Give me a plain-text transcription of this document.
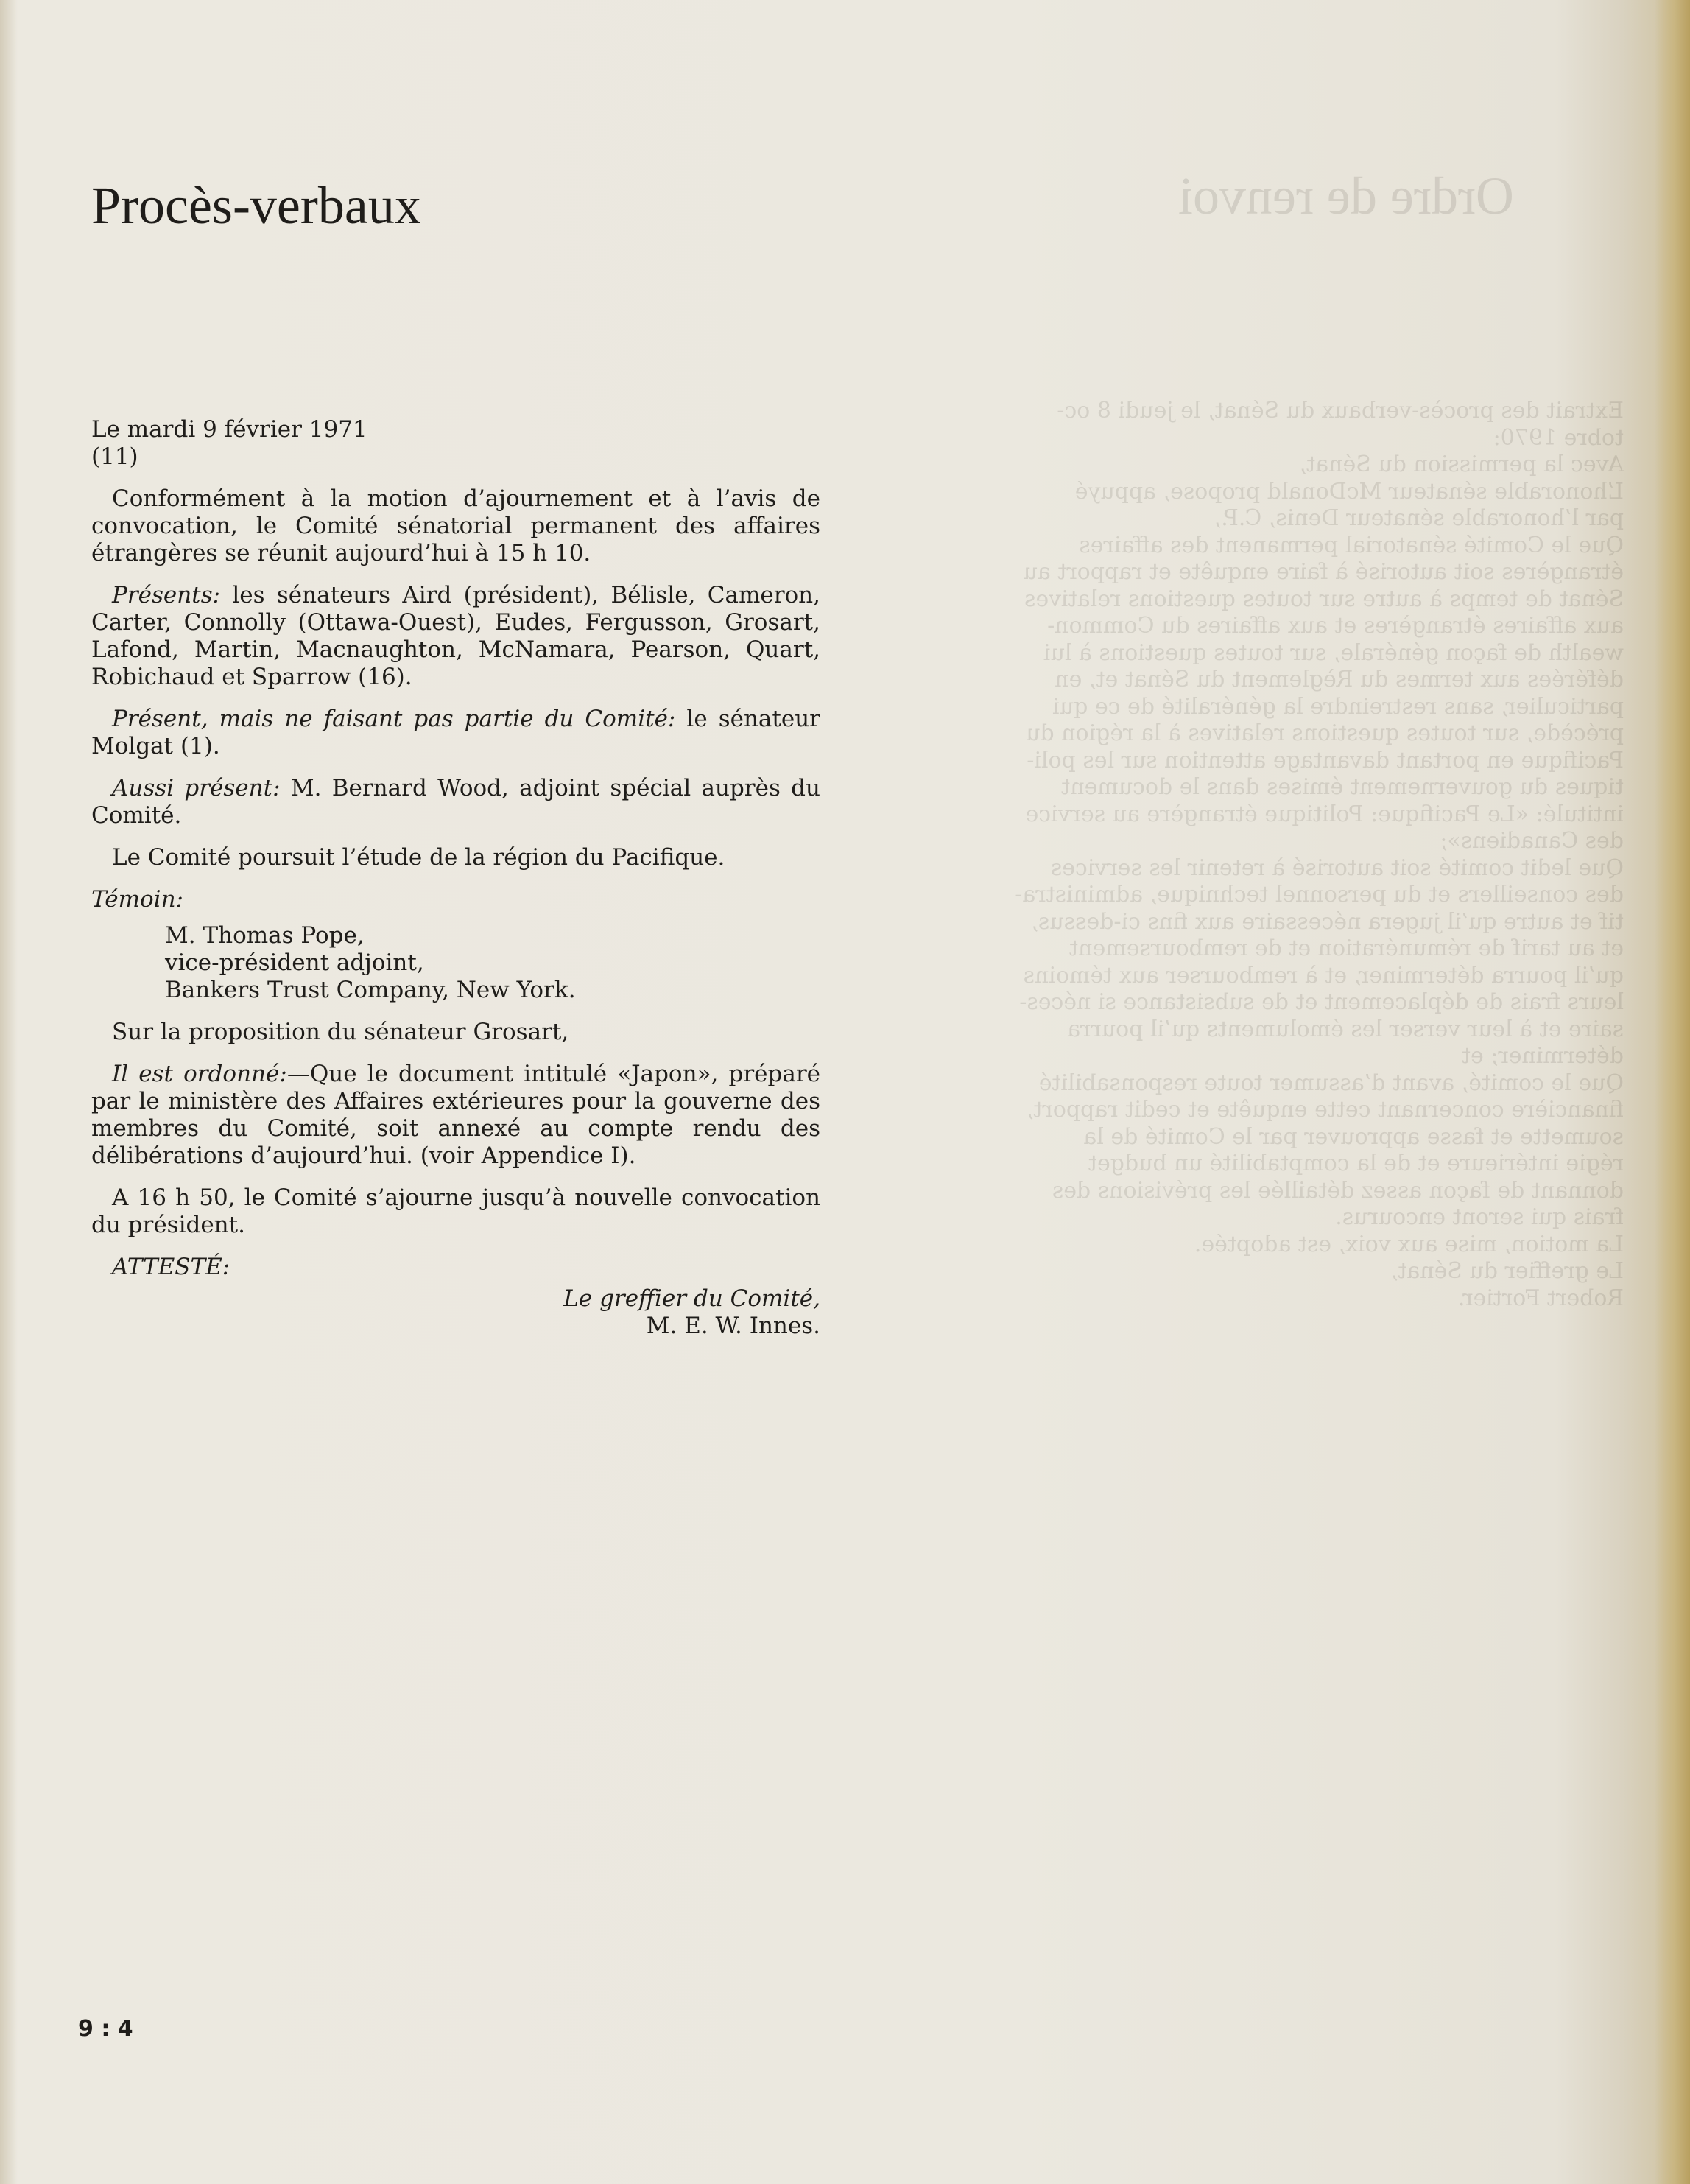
Ordre de renvoi
Extrait des procès-verbaux du Sénat, le jeudi 8 oc-
tobre 1970:
Avec la permission du Sénat,
L’honorable sénateur McDonald propose, appuyé
par l’honorable sénateur Denis, C.P.,
Que le Comité sénatorial permanent des affaires
étrangères soit autorisé à faire enquête et rapport au
Sénat de temps à autre sur toutes questions relatives
aux affaires étrangères et aux affaires du Common-
wealth de façon générale, sur toutes questions à lui
déférées aux termes du Règlement du Sénat et, en
particulier, sans restreindre la généralité de ce qui
précède, sur toutes questions relatives à la région du
Pacifique en portant davantage attention sur les poli-
tiques du gouvernement émises dans le document
intitulé: «Le Pacifique: Politique étrangère au service
des Canadiens»;
Que ledit comité soit autorisé à retenir les services
des conseillers et du personnel technique, administra-
tif et autre qu’il jugera nécessaire aux fins ci-dessus,
et au tarif de rémunération et de remboursement
qu’il pourra déterminer, et à rembourser aux témoins
leurs frais de déplacement et de subsistance si néces-
saire et à leur verser les émoluments qu’il pourra
déterminer; et
Que le comité, avant d’assumer toute responsabilité
financière concernant cette enquête et cedit rapport,
soumette et fasse approuver par le Comité de la
régie intérieure et de la comptabilité un budget
donnant de façon assez détaillée les prévisions des
frais qui seront encourus.
La motion, mise aux voix, est adoptée.
Le greffier du Sénat,
Robert Fortier.
Procès-verbaux

Le mardi 9 février 1971

(11)

Conformément à la motion d’ajournement et à l’avis de convocation, le Comité sénatorial permanent des affaires étrangères se réunit aujourd’hui à 15 h 10.

Présents: les sénateurs Aird (président), Bélisle, Cameron, Carter, Connolly (Ottawa-Ouest), Eudes, Fergusson, Grosart, Lafond, Martin, Macnaughton, McNamara, Pearson, Quart, Robichaud et Sparrow (16).

Présent, mais ne faisant pas partie du Comité: le sénateur Molgat (1).

Aussi présent: M. Bernard Wood, adjoint spécial auprès du Comité.

Le Comité poursuit l’étude de la région du Pacifique.

Témoin:

M. Thomas Pope,
vice-président adjoint,
Bankers Trust Company, New York.

Sur la proposition du sénateur Grosart,

Il est ordonné:—Que le document intitulé «Japon», préparé par le ministère des Affaires extérieures pour la gouverne des membres du Comité, soit annexé au compte rendu des délibérations d’aujourd’hui. (voir Appendice I).

A 16 h 50, le Comité s’ajourne jusqu’à nouvelle convocation du président.

ATTESTÉ:

Le greffier du Comité,
M. E. W. Innes.
9 : 4
